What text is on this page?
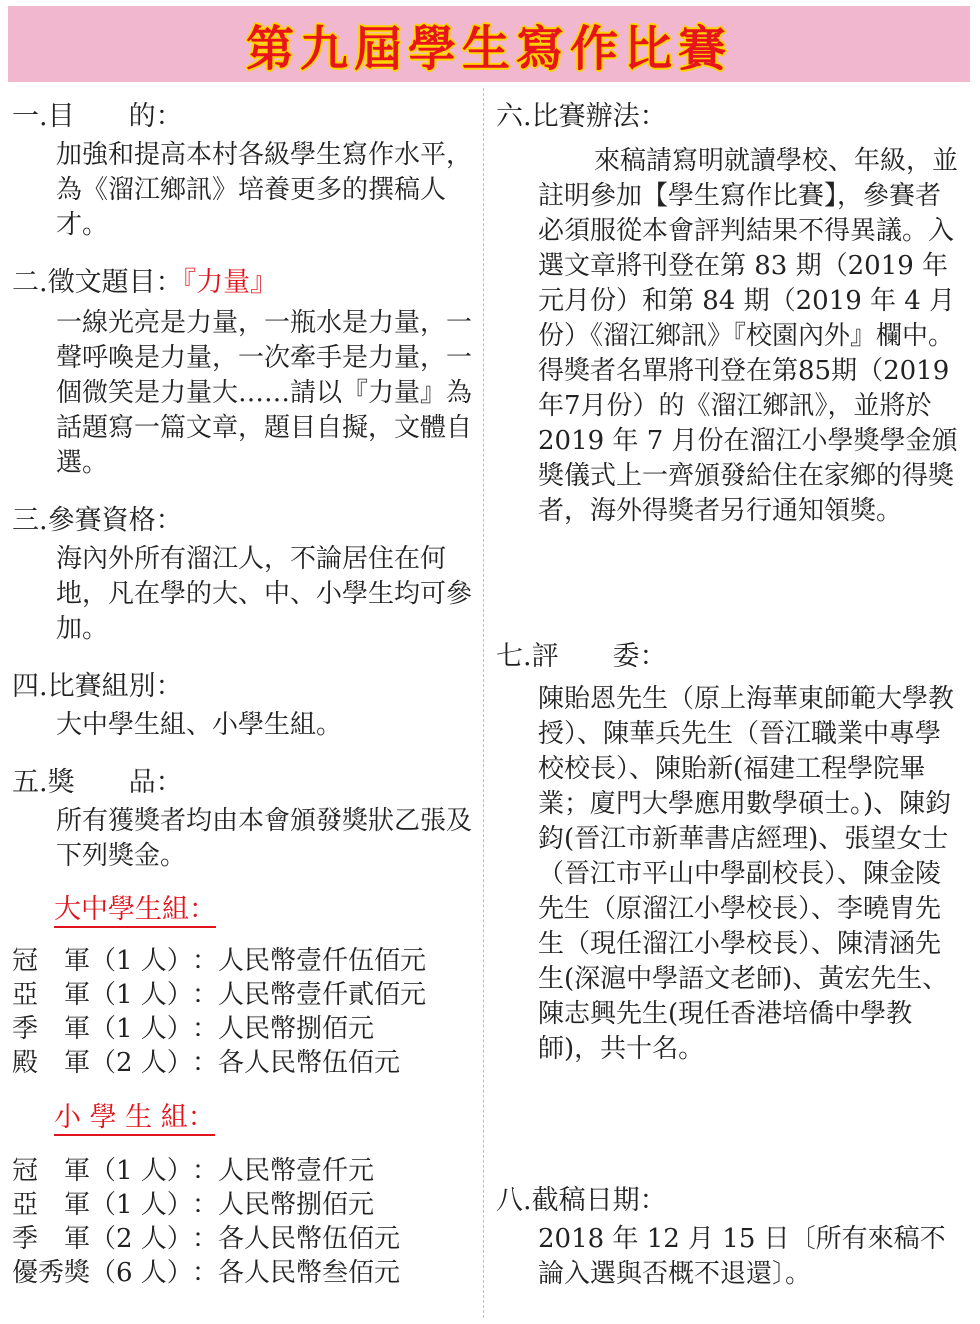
第九屆學生寫作比賽

一.目　　的：

加強和提高本村各級學生寫作水平，為《溜江鄉訊》培養更多的撰稿人才。

二.徵文題目：『力量』

一線光亮是力量，一瓶水是力量，一聲呼喚是力量，一次牽手是力量，一個微笑是力量大……請以『力量』為話題寫一篇文章，題目自擬，文體自選。

三.參賽資格：

海內外所有溜江人，不論居住在何地，凡在學的大、中、小學生均可參加。

四.比賽組別：

大中學生組、小學生組。

五.獎　　品：

所有獲獎者均由本會頒發獎狀乙張及下列獎金。

大中學生組：

冠　軍（1 人）：人民幣壹仟伍佰元

亞　軍（1 人）：人民幣壹仟貳佰元

季　軍（1 人）：人民幣捌佰元

殿　軍（2 人）：各人民幣伍佰元

小 學 生 組：

冠　軍（1 人）：人民幣壹仟元

亞　軍（1 人）：人民幣捌佰元

季　軍（2 人）：各人民幣伍佰元

優秀獎（6 人）：各人民幣叁佰元

六.比賽辦法：

來稿請寫明就讀學校、年級，並註明參加【學生寫作比賽】，參賽者必須服從本會評判結果不得異議。入選文章將刊登在第 83 期（2019 年元月份）和第 84 期（2019 年 4 月份）《溜江鄉訊》『校園內外』欄中。得獎者名單將刊登在第85期（2019年7月份）的《溜江鄉訊》，並將於 2019 年 7 月份在溜江小學獎學金頒獎儀式上一齊頒發給住在家鄉的得獎者，海外得獎者另行通知領獎。

七.評　　委：

陳貽恩先生（原上海華東師範大學教授）、陳華兵先生（晉江職業中專學校校長）、陳貽新(福建工程學院畢業；廈門大學應用數學碩士。)、陳鈞鈞(晉江市新華書店經理)、張望女士（晉江市平山中學副校長）、陳金陵先生（原溜江小學校長）、李曉胄先生（現任溜江小學校長）、陳清涵先生(深滬中學語文老師)、黃宏先生、陳志興先生(現任香港培僑中學教師)，共十名。

八.截稿日期：

2018 年 12 月 15 日〔所有來稿不論入選與否概不退還〕。
